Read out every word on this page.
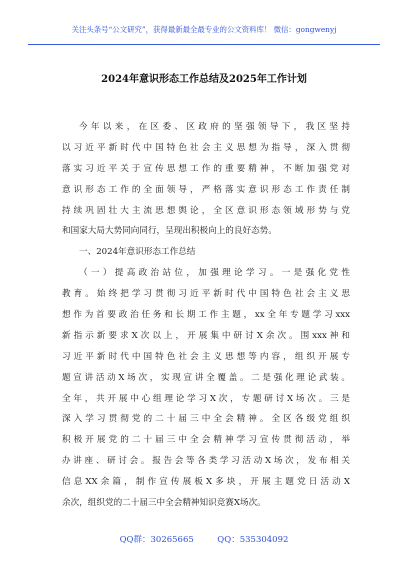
关注头条号“公文研究”，获得最新最全最专业的公文资料库！ 微信：gongwenyj
2024年意识形态工作总结及2025年工作计划
今年以来，在区委、区政府的坚强领导下，我区坚持
以习近平新时代中国特色社会主义思想为指导，深入贯彻
落实习近平关于宣传思想工作的重要精神，不断加强党对
意识形态工作的全面领导，严格落实意识形态工作责任制
持续巩固壮大主流思想舆论，全区意识形态领域形势与党
和国家大局大势同向同行，呈现出积极向上的良好态势。
一、2024年意识形态工作总结
（一）提高政治站位，加强理论学习。一是强化党性
教育。始终把学习贯彻习近平新时代中国特色社会主义思
想作为首要政治任务和长期工作主题，xx全年专题学习xxx
新指示新要求X次以上，开展集中研讨X余次。围xxx神和
习近平新时代中国特色社会主义思想等内容，组织开展专
题宣讲活动X场次，实现宣讲全覆盖。二是强化理论武装。
全年，共开展中心组理论学习X次，专题研讨X场次。三是
深入学习贯彻党的二十届三中全会精神。全区各级党组织
积极开展党的二十届三中全会精神学习宣传贯彻活动，举
办讲座、研讨会。报告会等各类学习活动X场次，发布相关
信息XX余篇，制作宣传展板X多块，开展主题党日活动X
余次，组织党的二十届三中全会精神知识竞赛X场次。
QQ群：30265665	QQ：535304092
